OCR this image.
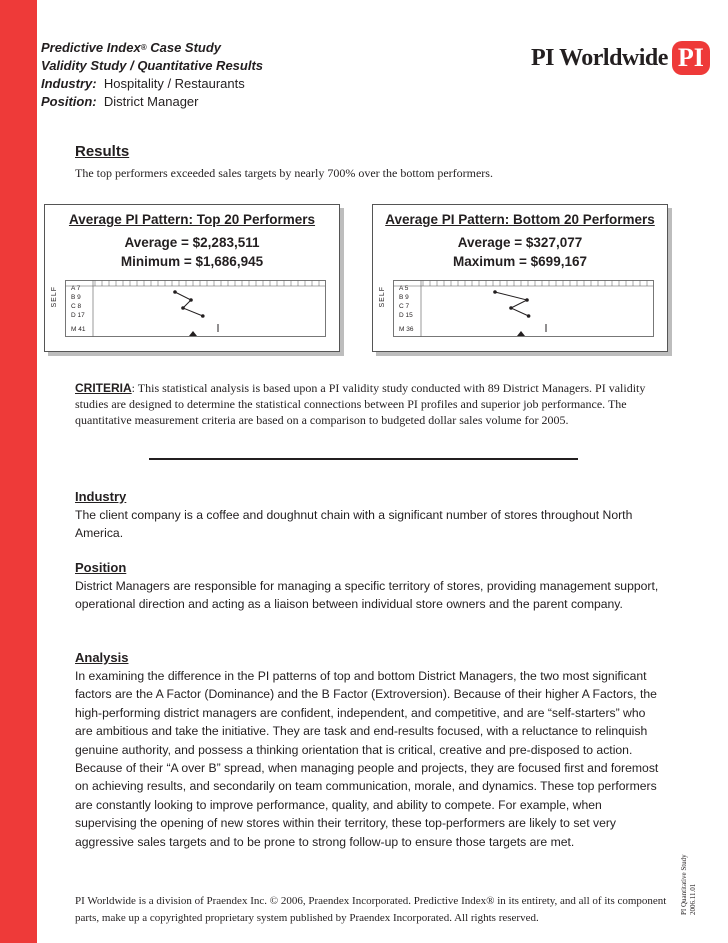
Predictive Index® Case Study
Validity Study / Quantitative Results
Industry: Hospitality / Restaurants
Position: District Manager
PI Worldwide PI
Results
The top performers exceeded sales targets by nearly 700% over the bottom performers.
Average PI Pattern: Top 20 Performers
Average = $2,283,511
Minimum = $1,686,945
SELF A 7
B 9
C 8
D 17
M 41
Average PI Pattern: Bottom 20 Performers
Average = $327,077
Maximum = $699,167
SELF A 5
B 9
C 7
D 15
M 36
CRITERIA: This statistical analysis is based upon a PI validity study conducted with 89 District Managers. PI validity studies are designed to determine the statistical connections between PI profiles and superior job performance. The quantitative measurement criteria are based on a comparison to budgeted dollar sales volume for 2005.
Industry
The client company is a coffee and doughnut chain with a significant number of stores throughout North America.
Position
District Managers are responsible for managing a specific territory of stores, providing management support, operational direction and acting as a liaison between individual store owners and the parent company.
Analysis
In examining the difference in the PI patterns of top and bottom District Managers, the two most significant factors are the A Factor (Dominance) and the B Factor (Extroversion). Because of their higher A Factors, the high-performing district managers are confident, independent, and competitive, and are “self-starters” who are ambitious and take the initiative. They are task and end-results focused, with a reluctance to relinquish genuine authority, and possess a thinking orientation that is critical, creative and pre-disposed to action. Because of their “A over B” spread, when managing people and projects, they are focused first and foremost on achieving results, and secondarily on team communication, morale, and dynamics. These top performers are constantly looking to improve performance, quality, and ability to compete. For example, when supervising the opening of new stores within their territory, these top-performers are likely to set very aggressive sales targets and to be prone to strong follow-up to ensure those targets are met.
PI Worldwide is a division of Praendex Inc. © 2006, Praendex Incorporated. Predictive Index® in its entirety, and all of its component parts, make up a copyrighted proprietary system published by Praendex Incorporated. All rights reserved.
PI Quantitative Study 2006.11.01
